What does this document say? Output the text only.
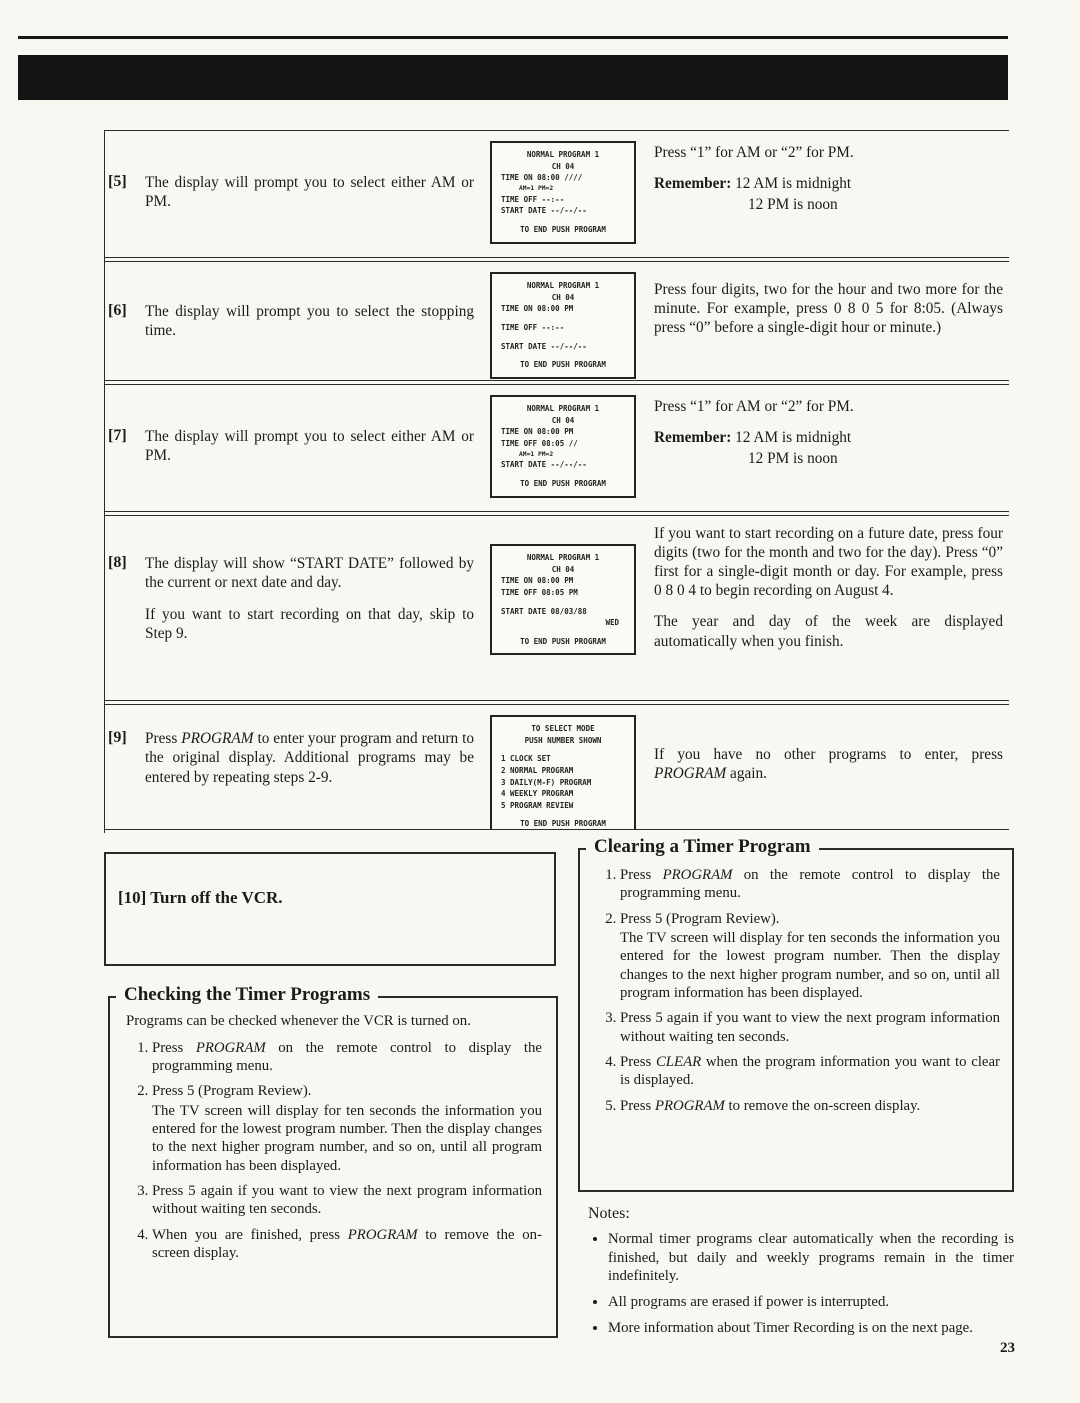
[5]	The display will prompt you to select either AM or PM.

NORMAL PROGRAM 1
CH 04
TIME ON 08:00 ////
AM=1 PM=2
TIME OFF --:--
START DATE --/--/--
TO END PUSH PROGRAM

Press “1” for AM or “2” for PM.

Remember: 12 AM is midnight

12 PM is noon

[6]	The display will prompt you to select the stopping time.

NORMAL PROGRAM 1
CH 04
TIME ON 08:00 PM
TIME OFF --:--
START DATE --/--/--
TO END PUSH PROGRAM

Press four digits, two for the hour and two more for the minute. For example, press 0 8 0 5 for 8:05. (Always press “0” before a single-digit hour or minute.)

[7]	The display will prompt you to select either AM or PM.

NORMAL PROGRAM 1
CH 04
TIME ON 08:00 PM
TIME OFF 08:05 //
AM=1 PM=2
START DATE --/--/--
TO END PUSH PROGRAM

Press “1” for AM or “2” for PM.

Remember: 12 AM is midnight

12 PM is noon

[8]	The display will show “START DATE” followed by the current or next date and day.

If you want to start recording on that day, skip to Step 9.

NORMAL PROGRAM 1
CH 04
TIME ON 08:00 PM
TIME OFF 08:05 PM
START DATE 08/03/88
WED
TO END PUSH PROGRAM

If you want to start recording on a future date, press four digits (two for the month and two for the day). Press “0” first for a single-digit month or day. For example, press 0 8 0 4 to begin recording on August 4.

The year and day of the week are displayed automatically when you finish.

[9]	Press PROGRAM to enter your program and return to the original display. Additional programs may be entered by repeating steps 2-9.

TO SELECT MODE
PUSH NUMBER SHOWN
1 CLOCK SET
2 NORMAL PROGRAM
3 DAILY(M-F) PROGRAM
4 WEEKLY PROGRAM
5 PROGRAM REVIEW
TO END PUSH PROGRAM

If you have no other programs to enter, press PROGRAM again.

[10] Turn off the VCR.
Checking the Timer Programs

Programs can be checked whenever the VCR is turned on.

1. Press PROGRAM on the remote control to display the programming menu.
2. Press 5 (Program Review).
The TV screen will display for ten seconds the information you entered for the lowest program number. Then the display changes to the next higher program number, and so on, until all program information has been displayed.
3. Press 5 again if you want to view the next program information without waiting ten seconds.
4. When you are finished, press PROGRAM to remove the on-screen display.
Clearing a Timer Program
1. Press PROGRAM on the remote control to display the programming menu.
2. Press 5 (Program Review).
The TV screen will display for ten seconds the information you entered for the lowest program number. Then the display changes to the next higher program number, and so on, until all program information has been displayed.
3. Press 5 again if you want to view the next program information without waiting ten seconds.
4. Press CLEAR when the program information you want to clear is displayed.
5. Press PROGRAM to remove the on-screen display.

Notes:

• Normal timer programs clear automatically when the recording is finished, but daily and weekly programs remain in the timer indefinitely.
• All programs are erased if power is interrupted.
• More information about Timer Recording is on the next page.
23
